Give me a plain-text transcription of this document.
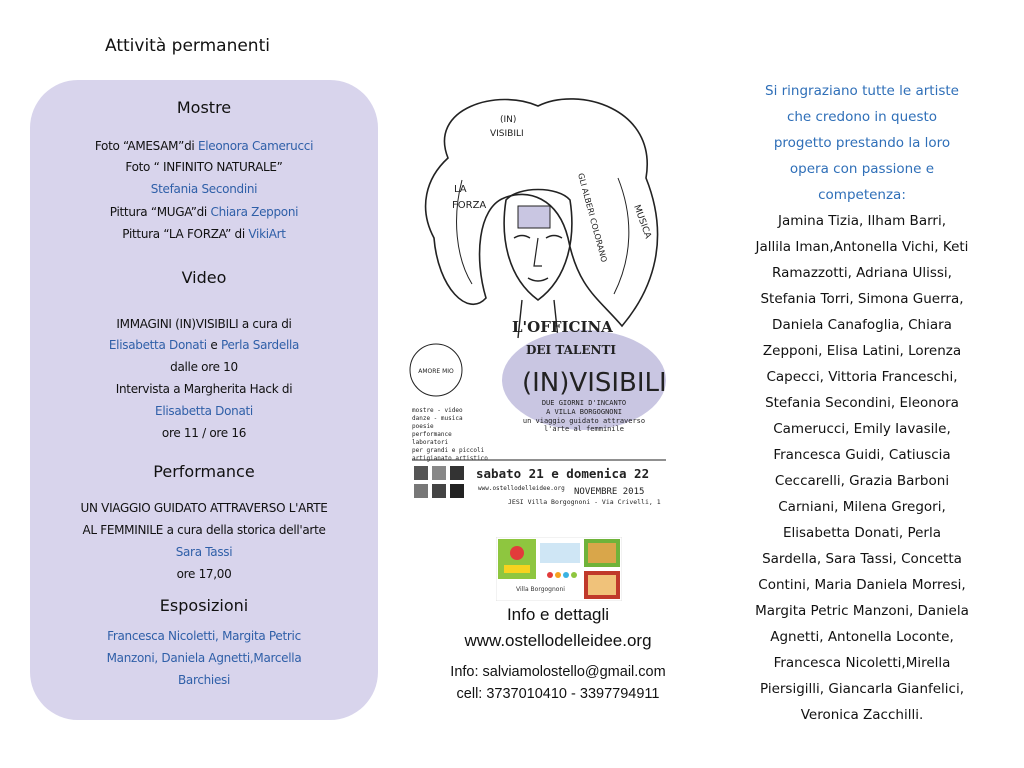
Attività permanenti
Mostre
Foto “AMESAM”di Eleonora Camerucci
Foto “ INFINITO NATURALE”
Stefania Secondini
Pittura “MUGA”di Chiara Zepponi
Pittura “LA FORZA” di VikiArt
Video
IMMAGINI (IN)VISIBILI a cura di
Elisabetta Donati e Perla Sardella
dalle ore 10
Intervista a Margherita Hack di
Elisabetta Donati
ore 11 / ore 16
Performance
UN VIAGGIO GUIDATO ATTRAVERSO L'ARTE
AL FEMMINILE a cura della storica dell'arte
Sara Tassi
ore 17,00
Esposizioni
Francesca Nicoletti, Margita Petric
Manzoni, Daniela Agnetti,Marcella
Barchiesi
(IN)
VISIBILI
LA
FORZA	MUSICA
GLI ALBERI COLORANO
L'OFFICINA
DEI TALENTI
(IN)VISIBILI
DUE GIORNI D'INCANTO
A VILLA BORGOGNONI
un viaggio guidato attraverso
l'arte al femminile
AMORE MIO
mostre - video
danze - musica
poesie
performance
laboratori
per grandi e piccoli
artigianato artistico
sabato 21 e domenica 22
www.ostellodelleidee.org NOVEMBRE 2015
JESI Villa Borgognoni - Via Crivelli, 1
Villa Borgognoni
Info e dettagli
www.ostellodelleidee.org
Info: salviamolostello@gmail.com
cell: 3737010410 - 3397794911
Si ringraziano tutte le artiste
che credono in questo
progetto prestando la loro
opera con passione e
competenza:
Jamina Tizia, Ilham Barri,
Jallila Iman,Antonella Vichi, Keti
Ramazzotti, Adriana Ulissi,
Stefania Torri, Simona Guerra,
Daniela Canafoglia, Chiara
Zepponi, Elisa Latini, Lorenza
Capecci, Vittoria Franceschi,
Stefania Secondini, Eleonora
Camerucci, Emily Iavasile,
Francesca Guidi, Catiuscia
Ceccarelli, Grazia Barboni
Carniani, Milena Gregori,
Elisabetta Donati, Perla
Sardella, Sara Tassi, Concetta
Contini, Maria Daniela Morresi,
Margita Petric Manzoni, Daniela
Agnetti, Antonella Loconte,
Francesca Nicoletti,Mirella
Piersigilli, Giancarla Gianfelici,
Veronica Zacchilli.
